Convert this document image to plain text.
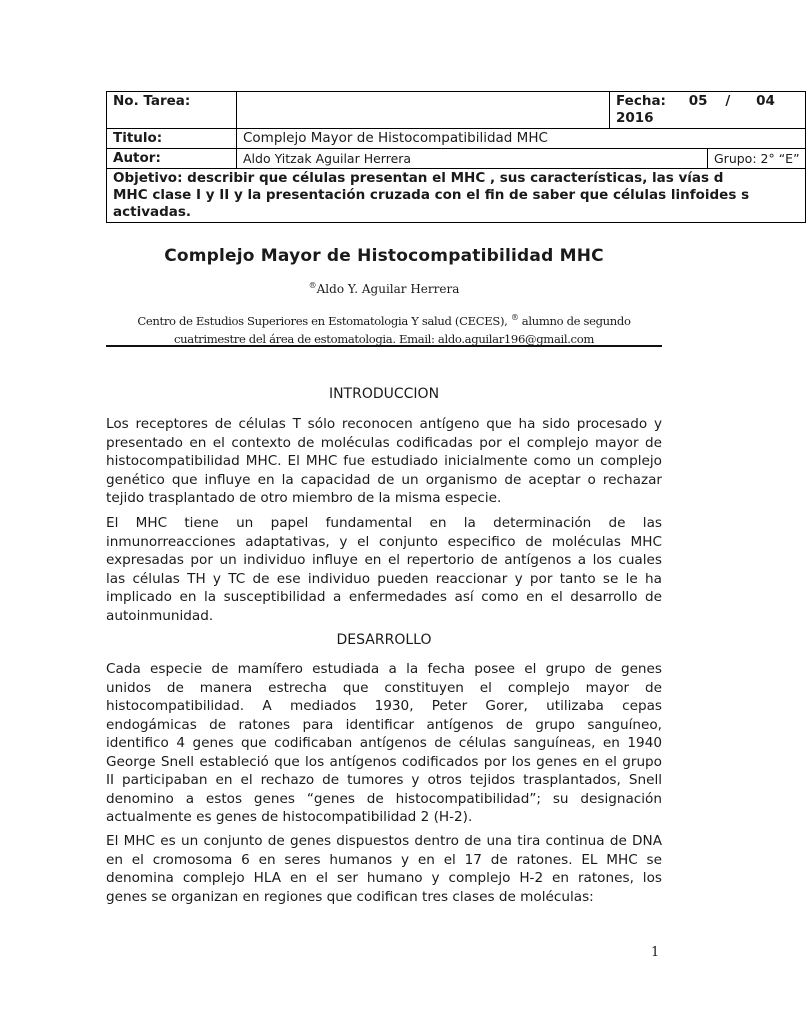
No. Tarea:		Fecha: 05 / 04
2016	
Titulo:	Complejo Mayor de Histocompatibilidad MHC		
Autor:	Aldo Yitzak Aguilar Herrera		Grupo: 2° “E”

Objetivo: describir que células presentan el MHC , sus características, las vías d
MHC clase I y II y la presentación cruzada con el fin de saber que células linfoides s
activadas.			
Complejo Mayor de Histocompatibilidad MHC
®Aldo Y. Aguilar Herrera
Centro de Estudios Superiores en Estomatologia Y salud (CECES), ® alumno de segundo
cuatrimestre del área de estomatologia. Email: aldo.aguilar196@gmail.com
INTRODUCCION
Los receptores de células T sólo reconocen antígeno que ha sido procesado y
presentado en el contexto de moléculas codificadas por el complejo mayor de
histocompatibilidad MHC. El MHC fue estudiado inicialmente como un complejo
genético que influye en la capacidad de un organismo de aceptar o rechazar
tejido trasplantado de otro miembro de la misma especie.
El MHC tiene un papel fundamental en la determinación de las
inmunorreacciones adaptativas, y el conjunto especifico de moléculas MHC
expresadas por un individuo influye en el repertorio de antígenos a los cuales
las células TH y TC de ese individuo pueden reaccionar y por tanto se le ha
implicado en la susceptibilidad a enfermedades así como en el desarrollo de
autoinmunidad.
DESARROLLO
Cada especie de mamífero estudiada a la fecha posee el grupo de genes
unidos de manera estrecha que constituyen el complejo mayor de
histocompatibilidad. A mediados 1930, Peter Gorer, utilizaba cepas
endogámicas de ratones para identificar antígenos de grupo sanguíneo,
identifico 4 genes que codificaban antígenos de células sanguíneas, en 1940
George Snell estableció que los antígenos codificados por los genes en el grupo
II participaban en el rechazo de tumores y otros tejidos trasplantados, Snell
denomino a estos genes “genes de histocompatibilidad”; su designación
actualmente es genes de histocompatibilidad 2 (H-2).
El MHC es un conjunto de genes dispuestos dentro de una tira continua de DNA
en el cromosoma 6 en seres humanos y en el 17 de ratones. EL MHC se
denomina complejo HLA en el ser humano y complejo H-2 en ratones, los
genes se organizan en regiones que codifican tres clases de moléculas:
1
